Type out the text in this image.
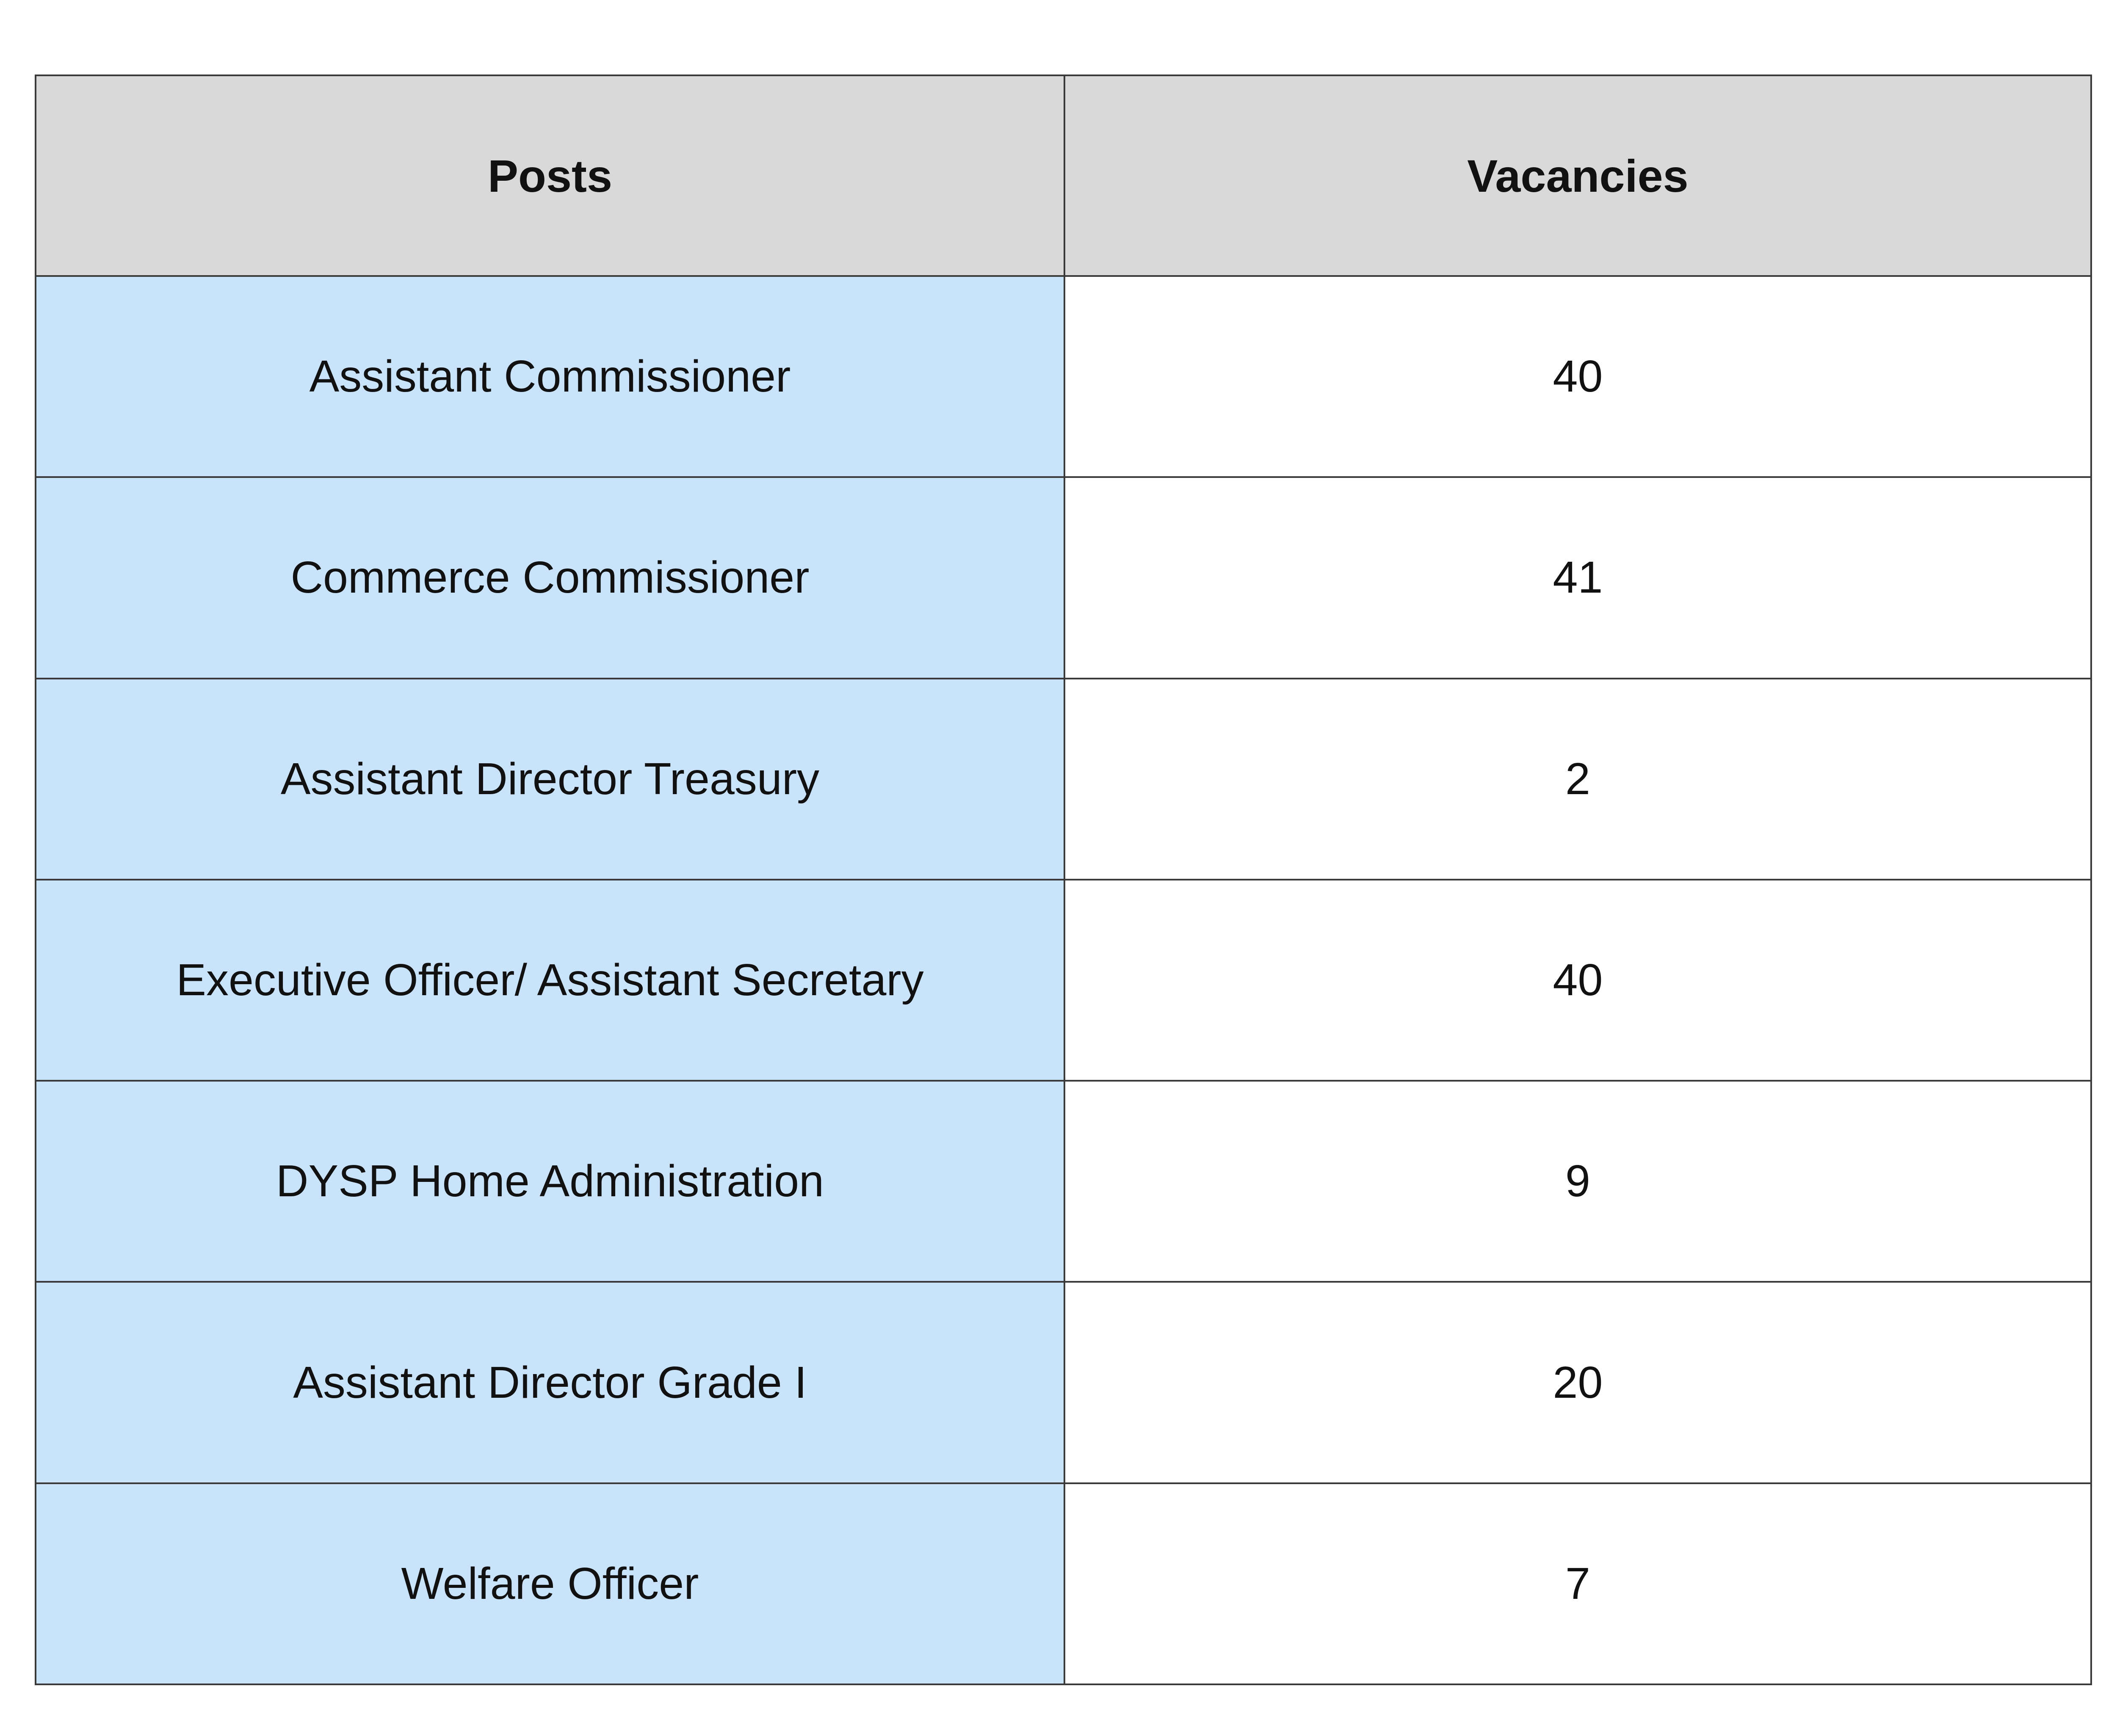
Posts	Vacancies
Assistant Commissioner	40
Commerce Commissioner	41
Assistant Director Treasury	2
Executive Officer/ Assistant Secretary	40
DYSP Home Administration	9
Assistant Director Grade I	20
Welfare Officer	7
